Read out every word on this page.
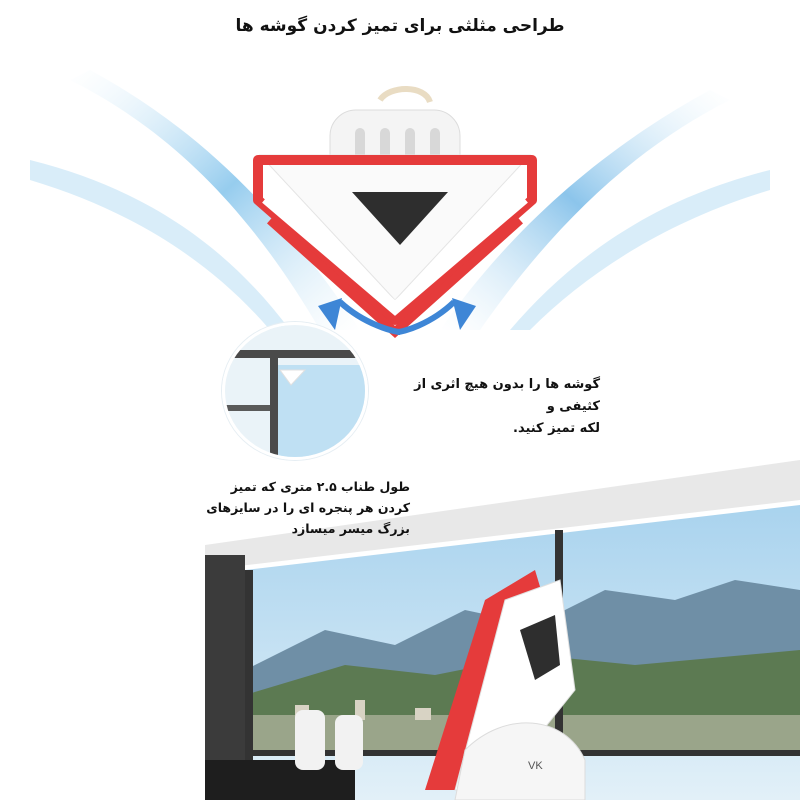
طراحی مثلثی برای تمیز کردن گوشه ها
گوشه ها را بدون هیچ اثری از کثیفی و
لکه تمیز کنید.
VK
طول طناب ۲.۵ متری که تمیز
کردن هر پنجره ای را در سایزهای
بزرگ میسر میسازد
